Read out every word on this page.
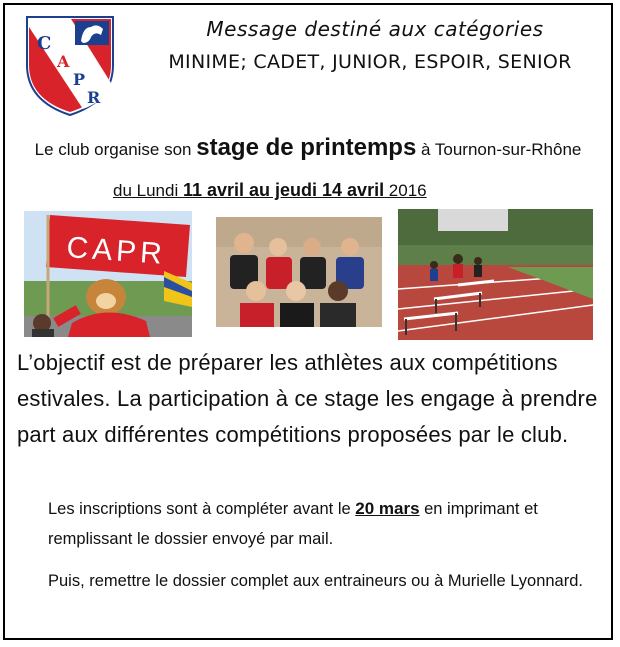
C
A
P
R
Message destiné aux catégories
MINIME; CADET, JUNIOR, ESPOIR, SENIOR
Le club organise son stage de printemps à Tournon-sur-Rhône
du Lundi 11 avril au jeudi 14 avril 2016
CAPR
L’objectif est de préparer les athlètes aux compétitions estivales. La participation à ce stage les engage à prendre part aux différentes compétitions proposées par le club.
Les inscriptions sont à compléter avant le 20 mars en imprimant et remplissant le dossier envoyé par mail.
Puis, remettre le dossier complet aux entraineurs ou à Murielle Lyonnard.
